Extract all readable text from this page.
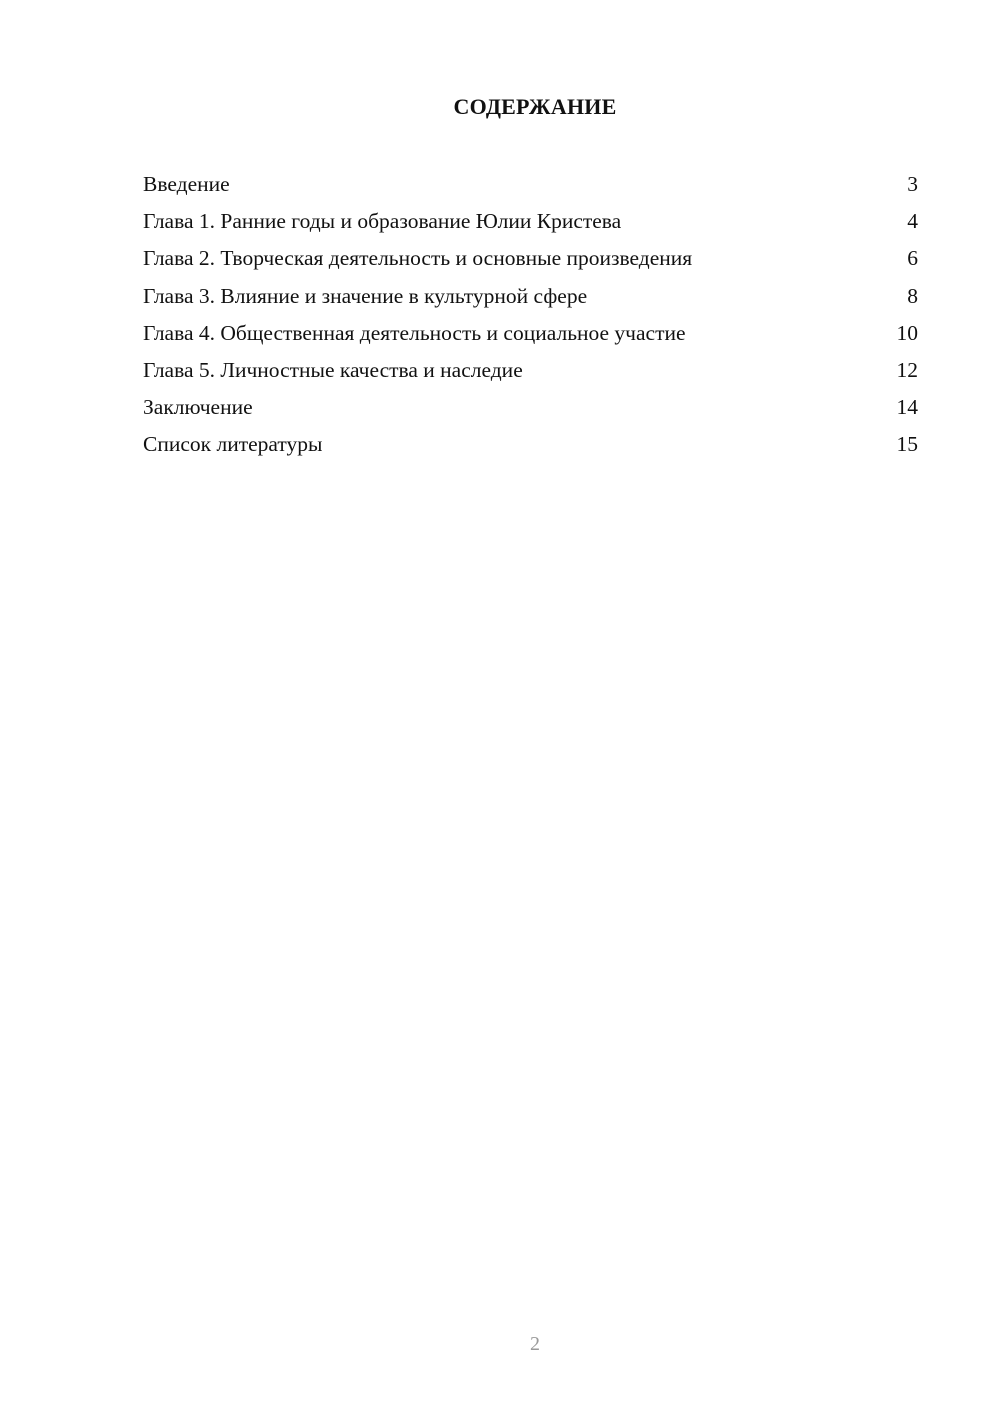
СОДЕРЖАНИЕ
Введение	3
Глава 1. Ранние годы и образование Юлии Кристева	4
Глава 2. Творческая деятельность и основные произведения	6
Глава 3. Влияние и значение в культурной сфере	8
Глава 4. Общественная деятельность и социальное участие	10
Глава 5. Личностные качества и наследие	12
Заключение	14
Список литературы	15
2
